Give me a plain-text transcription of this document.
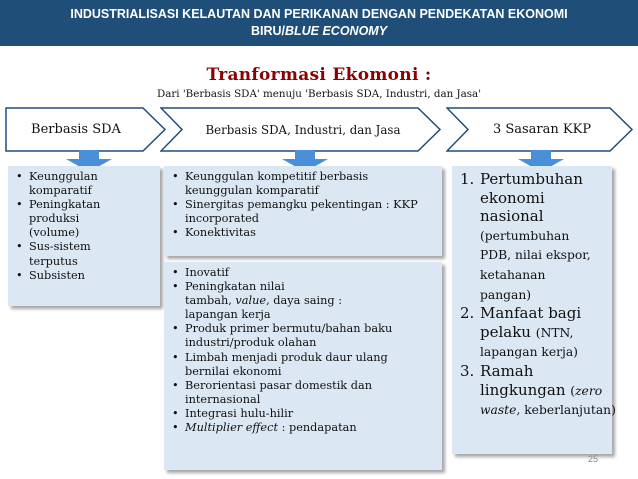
INDUSTRIALISASI KELAUTAN DAN PERIKANAN DENGAN PENDEKATAN EKONOMI
BIRU/BLUE ECONOMY
Tranformasi Ekomoni :
Dari 'Berbasis SDA' menuju 'Berbasis SDA, Industri, dan Jasa'
Berbasis SDA	Berbasis SDA, Industri, dan Jasa	3 Sasaran KKP
• Keunggulan komparatif
• Peningkatan produksi (volume)
• Sus-sistem terputus
• Subsisten
• Keunggulan kompetitif berbasis keunggulan komparatif
• Sinergitas pemangku pekentingan : KKP incorporated
• Konektivitas
• Inovatif
• Peningkatan nilai
tambah, value, daya saing :
lapangan kerja
• Produk primer bermutu/bahan baku industri/produk olahan
• Limbah menjadi produk daur ulang bernilai ekonomi
• Berorientasi pasar domestik dan internasional
• Integrasi hulu-hilir
• Multiplier effect : pendapatan
1. Pertumbuhan ekonomi nasional (pertumbuhan PDB, nilai ekspor, ketahanan pangan)
2. Manfaat bagi pelaku (NTN, lapangan kerja)
3. Ramah lingkungan (zero waste, keberlanjutan)
25
